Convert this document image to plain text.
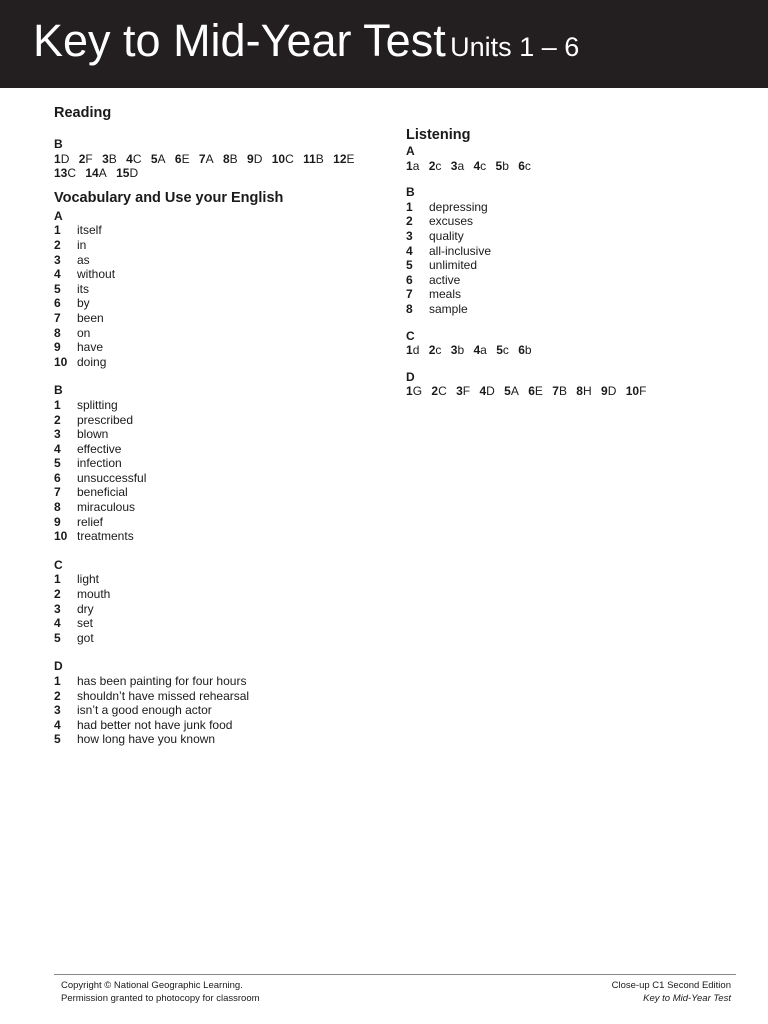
Key to Mid-Year Test Units 1 – 6
Reading
B
1D 2F 3B 4C 5A 6E 7A 8B 9D 10C 11B 12E 13C 14A 15D
Vocabulary and Use your English
A
1	itself
2	in
3	as
4	without
5	its
6	by
7	been
8	on
9	have
10 doing
B
1	splitting
2	prescribed
3	blown
4	effective
5	infection
6	unsuccessful
7	beneficial
8	miraculous
9	relief
10 treatments
C
1	light
2	mouth
3	dry
4	set
5	got
D
1	has been painting for four hours
2	shouldn’t have missed rehearsal
3	isn’t a good enough actor
4	had better not have junk food
5	how long have you known
Listening
A
1a 2c 3a 4c 5b 6c
B
1	depressing
2	excuses
3	quality
4	all-inclusive
5	unlimited
6	active
7	meals
8	sample
C
1d 2c 3b 4a 5c 6b
D
1G 2C 3F 4D 5A 6E 7B 8H 9D 10F
Copyright © National Geographic Learning.
Permission granted to photocopy for classroom
Close-up C1 Second Edition
Key to Mid-Year Test
